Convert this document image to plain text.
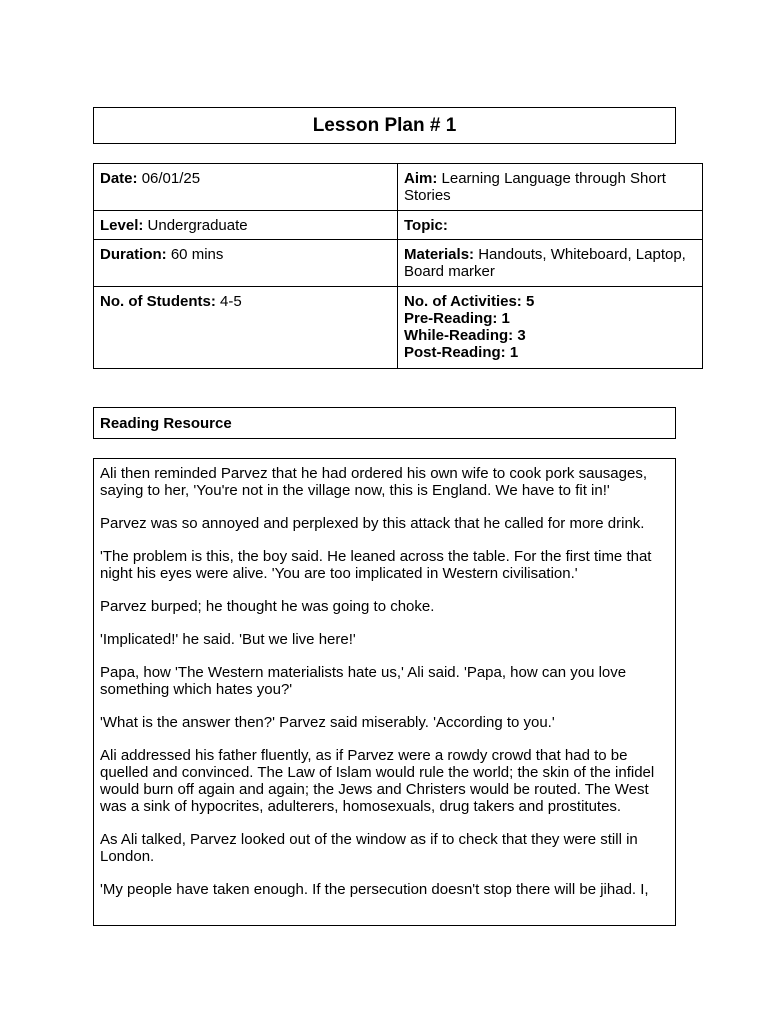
Lesson Plan # 1
Date: 06/01/25	Aim: Learning Language through Short Stories
Level: Undergraduate	Topic:
Duration: 60 mins	Materials: Handouts, Whiteboard, Laptop, Board marker
No. of Students: 4-5	No. of Activities: 5
Pre-Reading: 1
While-Reading: 3
Post-Reading: 1
Reading Resource

Ali then reminded Parvez that he had ordered his own wife to cook pork sausages, saying to her, 'You're not in the village now, this is England. We have to fit in!'

Parvez was so annoyed and perplexed by this attack that he called for more drink.

'The problem is this, the boy said. He leaned across the table. For the first time that night his eyes were alive. 'You are too implicated in Western civilisation.'

Parvez burped; he thought he was going to choke.

'Implicated!' he said. 'But we live here!'

Papa, how 'The Western materialists hate us,' Ali said. 'Papa, how can you love something which hates you?'

'What is the answer then?' Parvez said miserably. 'According to you.'

Ali addressed his father fluently, as if Parvez were a rowdy crowd that had to be quelled and convinced. The Law of Islam would rule the world; the skin of the infidel would burn off again and again; the Jews and Christers would be routed. The West was a sink of hypocrites, adulterers, homosexuals, drug takers and prostitutes.

As Ali talked, Parvez looked out of the window as if to check that they were still in London.

'My people have taken enough. If the persecution doesn't stop there will be jihad. I,
